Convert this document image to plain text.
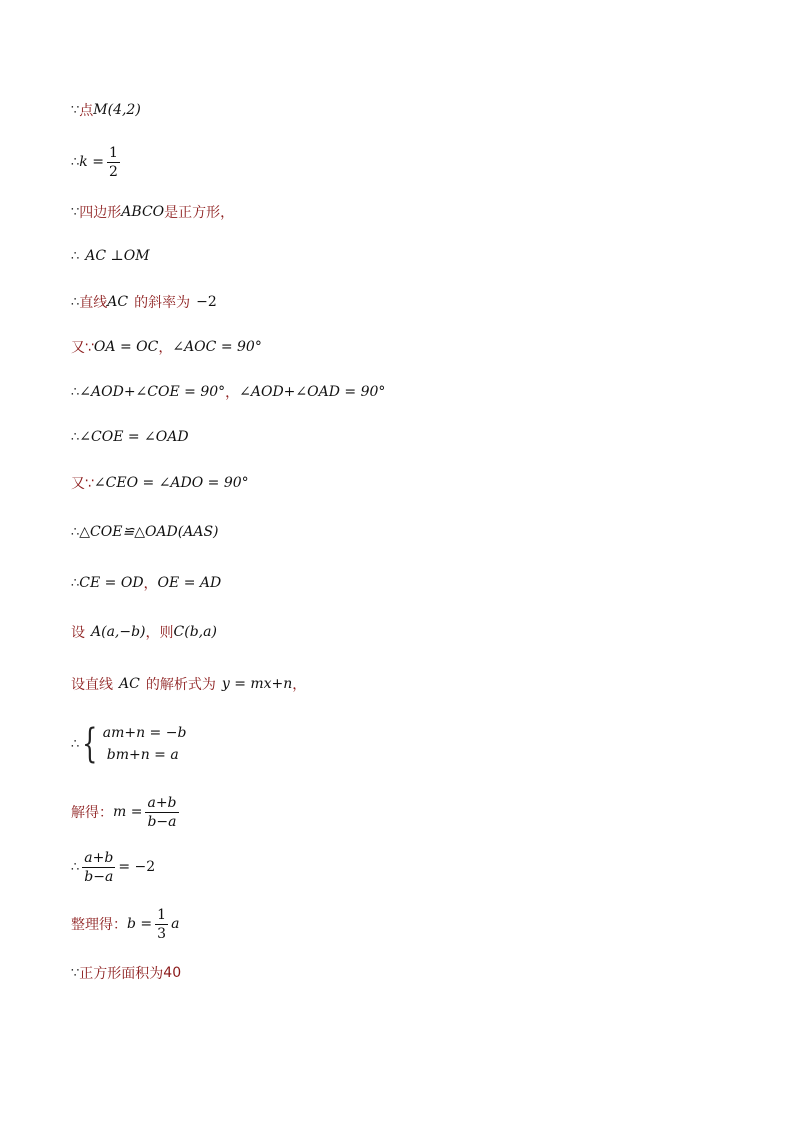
∵ 点 M(4,2)
∴ $k = \frac{1}{2}$
∵ 四边形 ABCO 是正方形，
∴ AC ⊥OM
∴ 直线 AC 的斜率为 −2
又∵ OA = OC ， ∠AOC = 90°
∴ ∠AOD+∠COE = 90° ， ∠AOD+∠OAD = 90°
∴ ∠COE = ∠OAD
又∵ ∠CEO = ∠ADO = 90°
∴ △COE≌△OAD(AAS)
∴ CE = OD ， OE = AD
设 A(a,−b) ，则 C(b,a)
设直线 AC 的解析式为 y = mx+n ，
∴ { am+n = −b
bm+n = a
解得： $m = \frac{a+b}{b-a}$
∴ $\frac{a+b}{b-a} = -2$
整理得： $b = \frac{1}{3}$ a
∵ 正方形面积为 40
